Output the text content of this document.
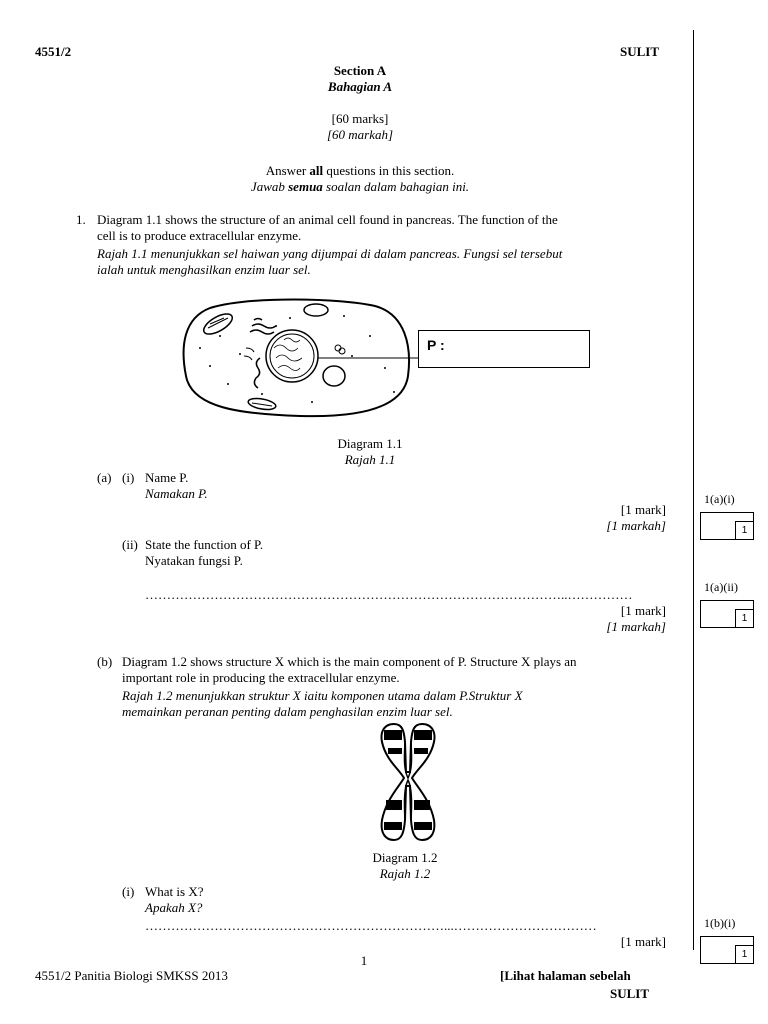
4551/2	SULIT
Section A
Bahagian A
[60 marks]
[60 markah]
Answer all questions in this section.
Jawab semua soalan dalam bahagian ini.
1. Diagram 1.1 shows the structure of an animal cell found in pancreas. The function of the
cell is to produce extracellular enzyme.
Rajah 1.1 menunjukkan sel haiwan yang dijumpai di dalam pancreas. Fungsi sel tersebut
ialah untuk menghasilkan enzim luar sel.
P :
Diagram 1.1
Rajah 1.1
(a) (i) Name P.
Namakan P.
[1 mark]
[1 markah]
(ii) State the function of P.
Nyatakan fungsi P.
……………………………………………………………………………………..……………
[1 mark]
[1 markah]
(b) Diagram 1.2 shows structure X which is the main component of P. Structure X plays an
important role in producing the extracellular enzyme.
Rajah 1.2 menunjukkan struktur X iaitu komponen utama dalam P.Struktur X
memainkan peranan penting dalam penghasilan enzim luar sel.
Diagram 1.2
Rajah 1.2
(i) What is X?
Apakah X?
……………………………………………………………...……………………………
[1 mark]
1(a)(i)
1
1(a)(ii)
1
1(b)(i)
1
1
4551/2 Panitia Biologi SMKSS 2013	[Lihat halaman sebelah
SULIT
